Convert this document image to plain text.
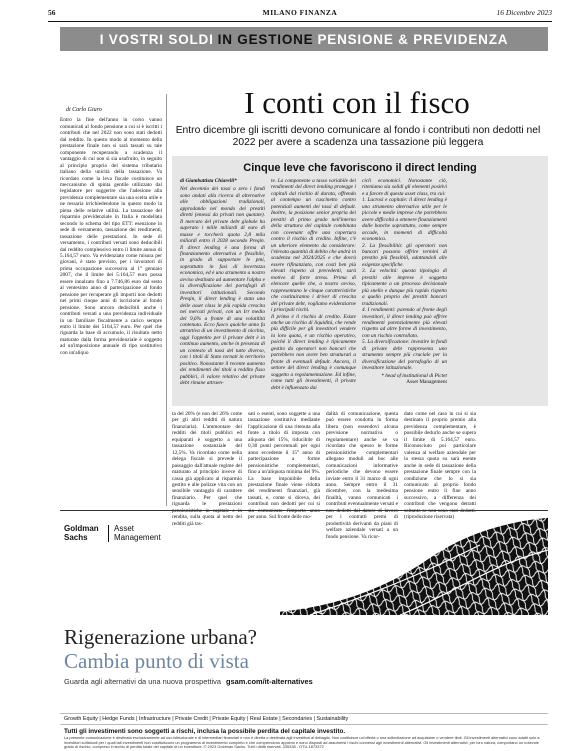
56	MILANO FINANZA	16 Dicembre 2023
I VOSTRI SOLDI IN GESTIONE PENSIONE & PREVIDENZA
di Carlo Giuro
Entro la fine dell'anno in corso vanno comunicati al fondo pensione a cui si è iscritti i contributi che nel 2022 non sono stati dedotti dal reddito. In questo modo al momento della prestazione finale non si sarà tassati su tale componente recuperando a scadenza il vantaggio di cui non si sia usufruito, in seguito al principio proprio del sistema tributario italiano della unicità della tassazione. Va ricordato come la leva fiscale costituisce un meccanismo di spinta gentile utilizzato dal legislatore per suggerire che l'adesione alla previdenza complementare sia una scelta utile e ne ressaria irrichiedendone in questo modo la piena delle relative utilità. La tassazione del risparmio previdenziale in Italia è modellata secondo lo schema del tipo ETT: esenzione in sede di versamento, tassazione dei rendimenti, tassazione delle prestazioni. In sede di versamento, i contributi versati sono deducibili dal reddito complessivo entro il limite annuo di 5.164,57 euro. Va evidenziato come misura per giovani, è stato previsto, per i lavoratori di prima occupazione successiva al 1° gennaio 2007, che il limite dei 5.164,57 euro possa essere innalzato fino a 7.746,86 euro dal sesto al ventesimo anno di partecipazione al fondo pensione per recuperare gli importi non dedotti nei primi cinque anni di iscrizione al fondo pensione. Sono ancora deducibili anche i contributi versati a una previdenza individuale in un familiare fiscalmente a carico sempre entro il limite dei 5164,57 euro. Per quel che riguarda la base di accumulo, il risultato netto maturato dalla forma previdenziale è soggetto ad un'imposizione annuale di tipo sostitutivo con un'aliquo
I conti con il fisco
Entro dicembre gli iscritti devono comunicare al fondo i contributi non dedotti nel 2022 per avere a scadenza una tassazione più leggera
Cinque leve che favoriscono il direct lending
di Giambattista Chiarelli*
Nel decennio dei tassi a zero i fondi sono andati alla ricerca di alternative alle obbligazioni tradizionali, approdando nel mondo dei prestiti diretti (emessi da privati non quotate). Il mercato del private debt globale ha superato i mille miliardi di euro di masse e toccherà quota 2,8 mila miliardi entro il 2028 secondo Preqin. Il direct lending è una forma di finanziamento alternativa e flessibile, in grado di supportare le pmi, soprattutto in fasi di incertezza economica, ed è uno strumento a nostro avviso destinato ad aumentare l'alpha e la diversificazione dei portafogli di investitori istituzionali. Secondo Preqin, il direct lending è stata una delle asset class in più rapida crescita nei mercati privati, con un Irr medio del 9,6% a fronte di una volatilità contenuta. Ecco fuoco qualche anno fa attrattiva di un investimento di nicchia, oggi l'appetito per il private debt è in continuo aumento, anche in presenza di un contesto di tassi del tutto diverso, con i titoli di Stato tornati in territorio positivo. Nonostante il recente aumento dei rendimenti dei titoli a reddito fisso pubblici, il valore relativo del private debt rimane attraen-
te. La componente a tasso variabile dei rendimenti del direct lending protegge i capitali dal rischio di durata, offrendo al contempo un cuscinetto contro potenziali aumenti dei tassi di default. Inoltre, la posizione senior propria dei prestiti di primo grado nell'interno della struttura del capitale combinata con covenant offre una copertura contro il rischio di credito. Infine, c'è un ulteriore elemento da considerare: l'elevata quantità di debito che andrà in scadenza nel 2024/2025 e che dovrà essere rifinanziato, con costi ben più elevati rispetto ai precedenti, sarà motivo di forte stress. Prima di elencare quelle che, a nostro avviso, rappresentano le cinque caratteristiche che costituiranno i driver di crescita del private debt, vogliamo evidenziarne i principali rischi.
Il primo è il rischio di credito. Esiste anche un rischio di liquidità, che rende più difficile per gli investitori vendere la loro quota, e un rischio operativo, poiché il direct lending è tipicamente gestito da operatori non bancari che potrebbero non avere ben strutturati a fronte di eventuali default. Ancora, il settore del direct lending è comunque soggetto a regolamentazione. Ed infine, come tutti gli investimenti, il private debt è influenzato dai
cicli economici. Nonostante ciò, riteniamo sia solidi gli elementi positivi e a favore di questa asset class, tra cui:
1. Lucrosi e capitale: il direct lending è uno strumento alternativo utile per le piccole e medie imprese che potrebbero avere difficoltà a ottenere finanziamenti dalle banche soprattutto, come sempre accade, in momenti di difficoltà economica.
2. La flessibilità: gli operatori non bancari possono offrire termini di prestito più flessibili, adattandoli alle esigenze specifiche.
3. La velocità: questa tipologia di prestiti alle imprese è soggetta tipicamente a un processo decisionale più snello e dunque più rapido rispetto a quello proprio dei prestiti bancari tradizionali.
4. I rendimenti: parendo al fronte degli investitori, il direct lending può offrire rendimenti potenzialmente più elevati rispetto ad altre forme di investimento, con un rischio controllato.
5. La diversificazione: investire in fondi di private debt rappresenta uno strumento sempre più cruciale per la diversificazione del portafoglio di un investitore istituzionale.
* head of institutional di Pictet
Asset Management
ta del 20% (e non del 26% come per gli altri redditi di natura finanziaria). L'ammontare dei redditi dei titoli pubblici ed equiparati è soggetto a una tassazione sostanziale del 12,5%. Va ricordato come nella delega fiscale si prevede il passaggio dall'attuale regime del maturato al principio invece di cassa già applicato al risparmio gestito e alle polizze vita con un sensibile vantaggio di carattere finanziario. Per quel che riguarda le prestazioni pensionistiche in capitale e in rendita, sulla quota al netto dei redditi già tas-
sati o esenti, sono soggette a una tassazione sostitutiva mediante l'applicazione di una ritenuta alla fonte a titolo di imposta con aliquota del 15%, riducibile di 0,30 punti percentuali per ogni anno eccedente il 15° anno di partecipazione a forme pensionistiche complementari, fino a un'aliquota minima del 9%. La base imponibile della prestazione finale viene ridotta dei rendimenti finanziari, già tassati, e, come si diceva, dei contributi non dedotti per cui si sia comunicato l'importo anno per anno. Sul fronte delle mo-
dalità di comunicazione, questa può essere condotta in forma libera (non essendovi alcuna previsione normativa o regolamentare) anche se va ricordato che spesso le forme pensionistiche complementari allegano moduli ad hoc alle comunicazioni informative periodiche che devono essere inviate entro il 31 marzo di ogni anno. Sempre entro il 31 dicembre, con la medesima finalità, vanno comunicati i contributi eventualmente versati e non dedotti dal datore di lavoro per i contratti premi di produttività derivanti da piani di welfare aziendale versati a un fondo pensione. Va ricor-
dato come nel caso in cui si sia destinato il proprio premio alla previdenza complementare, è possibile dedurlo anche se supera il limite di 5.164,57 euro. Riconosciuto poi particolare valenza al welfare aziendale per la stessa quota su sarà esente anche in sede di tassazione della prestazione finale sempre con la condizione che lo si sia comunicato al proprio fondo pensione entro il fine anno successivo, a differenza dei contributi che vengono detratti soltanto se non sono stati dedotti. (riproduzione riservata)
Goldman
Sachs
Asset
Management
Rigenerazione urbana?
Cambia punto di vista
Guarda agli alternativi da una nuova prospettiva gsam.com/it-alternatives
Growth Equity | Hedge Funds | Infrastructure | Private Credit | Private Equity | Real Estate | Secondaries | Sustainability
Tutti gli investimenti sono soggetti a rischi, inclusa la possibile perdita del capitale investito.
La presente comunicazione è destinata esclusivamente ad uso istituzionale e di intermediari finanziari e non è diretta o destinata agli investitori al dettaglio. Non costituisce un'offerta o una sollecitazione ad acquistare o vendere titoli. Gli investimenti alternativi sono adatti solo a investitori sofisticati per i quali tali investimenti non costituiscono un programma di investimento completo e che comprendono appieno e sono disposti ad assumersi i rischi connessi agli investimenti alternativi. Gli investimenti alternativi, per loro natura, comportano un notevole grado di rischio, compreso il rischio di perdita totale del capitale di un investitore. © 2023 Goldman Sachs. Tutti i diritti riservati. 335338 - OTU-1873372
